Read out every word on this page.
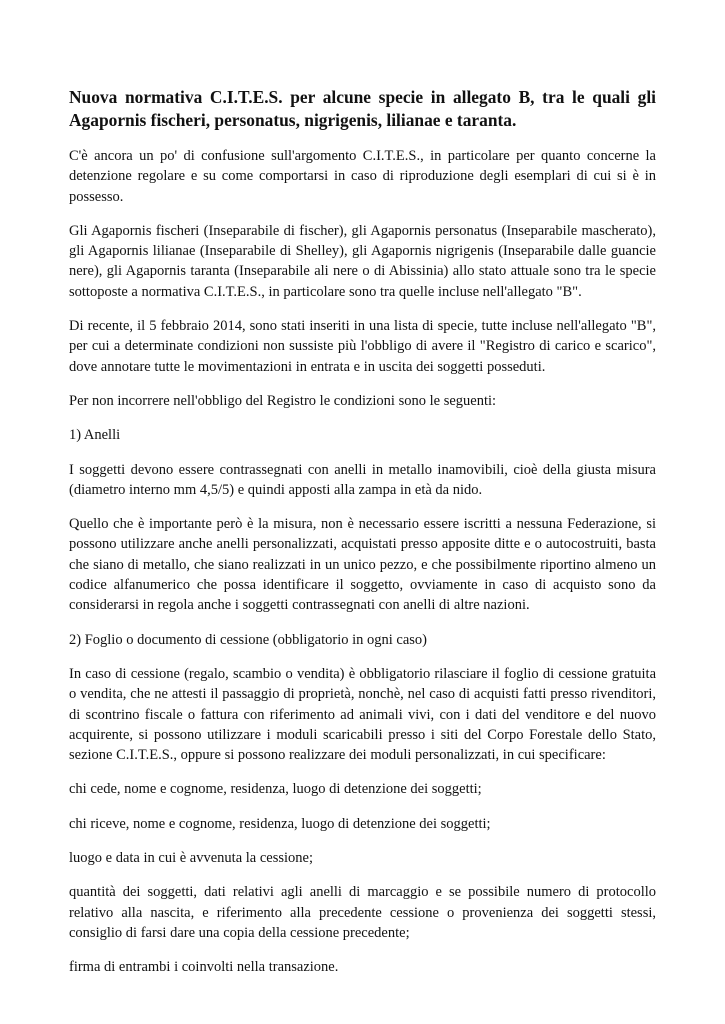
Nuova normativa C.I.T.E.S. per alcune specie in allegato B, tra le quali gli Agapornis fischeri, personatus, nigrigenis, lilianae e taranta.

C'è ancora un po' di confusione sull'argomento C.I.T.E.S., in particolare per quanto concerne la detenzione regolare e su come comportarsi in caso di riproduzione degli esemplari di cui si è in possesso.

Gli Agapornis fischeri (Inseparabile di fischer), gli Agapornis personatus (Inseparabile mascherato), gli Agapornis lilianae (Inseparabile di Shelley), gli Agapornis nigrigenis (Inseparabile dalle guancie nere), gli Agapornis taranta (Inseparabile ali nere o di Abissinia) allo stato attuale sono tra le specie sottoposte a normativa C.I.T.E.S., in particolare sono tra quelle incluse nell'allegato "B".

Di recente, il 5 febbraio 2014, sono stati inseriti in una lista di specie, tutte incluse nell'allegato "B", per cui a determinate condizioni non sussiste più l'obbligo di avere il "Registro di carico e scarico", dove annotare tutte le movimentazioni in entrata e in uscita dei soggetti posseduti.

Per non incorrere nell'obbligo del Registro le condizioni sono le seguenti:

1) Anelli

I soggetti devono essere contrassegnati con anelli in metallo inamovibili, cioè della giusta misura (diametro interno mm 4,5/5) e quindi apposti alla zampa in età da nido.

Quello che è importante però è la misura, non è necessario essere iscritti a nessuna Federazione, si possono utilizzare anche anelli personalizzati, acquistati presso apposite ditte e o autocostruiti, basta che siano di metallo, che siano realizzati in un unico pezzo, e che possibilmente riportino almeno un codice alfanumerico che possa identificare il soggetto, ovviamente in caso di acquisto sono da considerarsi in regola anche i soggetti contrassegnati con anelli di altre nazioni.

2) Foglio o documento di cessione (obbligatorio in ogni caso)

In caso di cessione (regalo, scambio o vendita) è obbligatorio rilasciare il foglio di cessione gratuita o vendita, che ne attesti il passaggio di proprietà, nonchè, nel caso di acquisti fatti presso rivenditori, di scontrino fiscale o fattura con riferimento ad animali vivi, con i dati del venditore e del nuovo acquirente, si possono utilizzare i moduli scaricabili presso i siti del Corpo Forestale dello Stato, sezione C.I.T.E.S., oppure si possono realizzare dei moduli personalizzati, in cui specificare:

chi cede, nome e cognome, residenza, luogo di detenzione dei soggetti;

chi riceve, nome e cognome, residenza, luogo di detenzione dei soggetti;

luogo e data in cui è avvenuta la cessione;

quantità dei soggetti, dati relativi agli anelli di marcaggio e se possibile numero di protocollo relativo alla nascita, e riferimento alla precedente cessione o provenienza dei soggetti stessi, consiglio di farsi dare una copia della cessione precedente;

firma di entrambi i coinvolti nella transazione.
